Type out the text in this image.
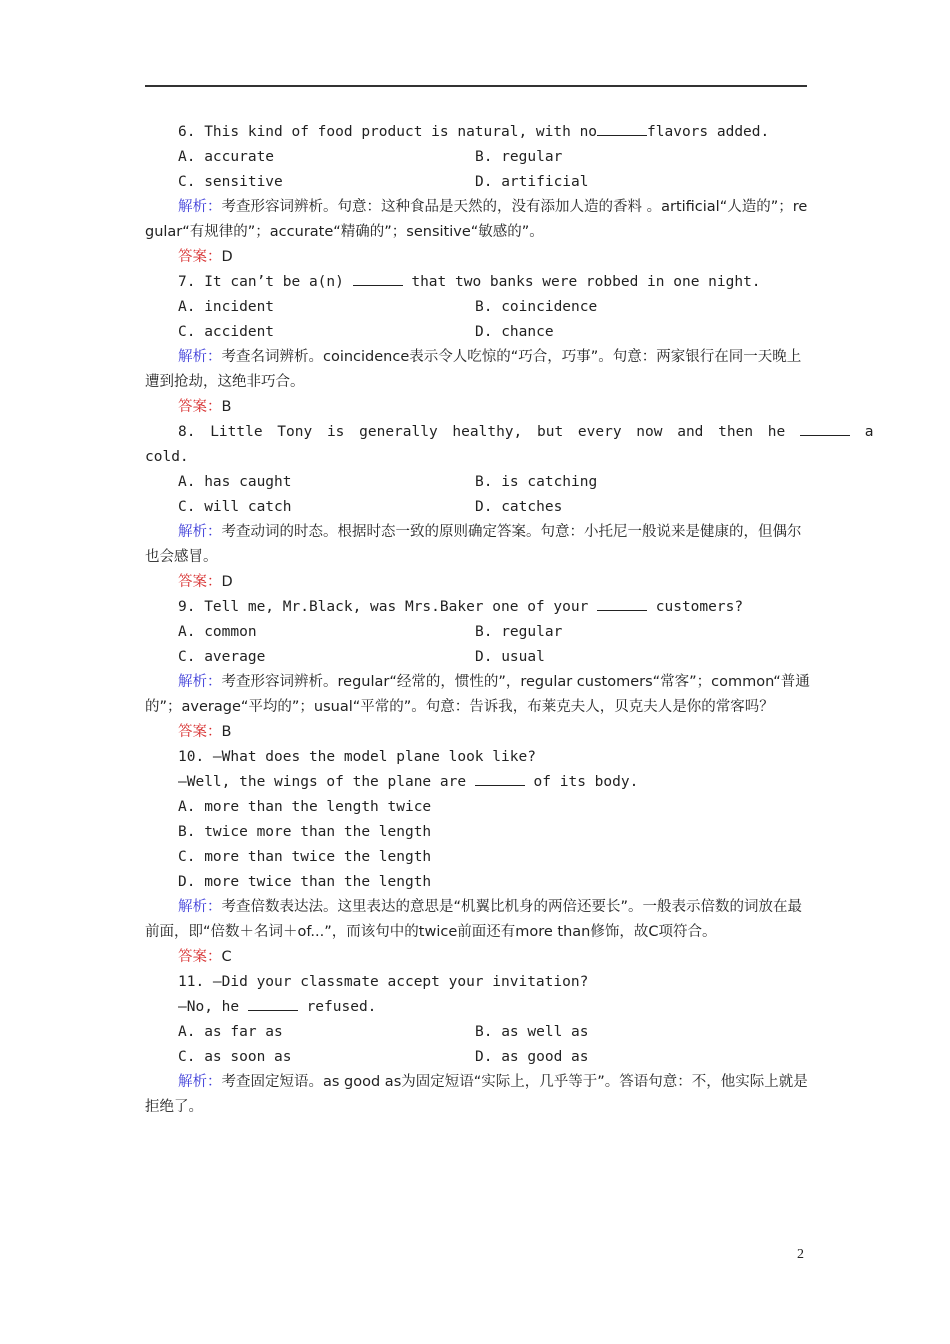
6. This kind of food product is natural, with no	flavors added.
A. accurate	B. regular
C. sensitive	D. artificial
解析：考查形容词辨析。句意：这种食品是天然的，没有添加人造的香料 。artificial“人造的”；regular“有规律的”；accurate“精确的”；sensitive“敏感的”。
答案：D
7. It can’t be a(n)	that two banks were robbed in one night.
A. incident	B. coincidence
C. accident	D. chance
解析：考查名词辨析。coincidence表示令人吃惊的“巧合，巧事”。句意：两家银行在同一天晚上遭到抢劫，这绝非巧合。
答案：B
8. Little Tony is generally healthy, but every now and then he	a
cold.
A. has caught	B. is catching
C. will catch	D. catches
解析：考查动词的时态。根据时态一致的原则确定答案。句意：小托尼一般说来是健康的，但偶尔也会感冒。
答案：D
9. Tell me, Mr.Black, was Mrs.Baker one of your	customers?
A. common	B. regular
C. average	D. usual
解析：考查形容词辨析。regular“经常的，惯性的”，regular customers“常客”；common“普通的”；average“平均的”；usual“平常的”。句意：告诉我，布莱克夫人，贝克夫人是你的常客吗？
答案：B
10. —What does the model plane look like?
—Well, the wings of the plane are	of its body.
A. more than the length twice
B. twice more than the length
C. more than twice the length
D. more twice than the length
解析：考查倍数表达法。这里表达的意思是“机翼比机身的两倍还要长”。一般表示倍数的词放在最前面，即“倍数＋名词＋of...”，而该句中的twice前面还有more than修饰，故C项符合。
答案：C
11. —Did your classmate accept your invitation?
—No, he	refused.
A. as far as	B. as well as
C. as soon as	D. as good as
解析：考查固定短语。as good as为固定短语“实际上，几乎等于”。答语句意：不，他实际上就是拒绝了。
2
